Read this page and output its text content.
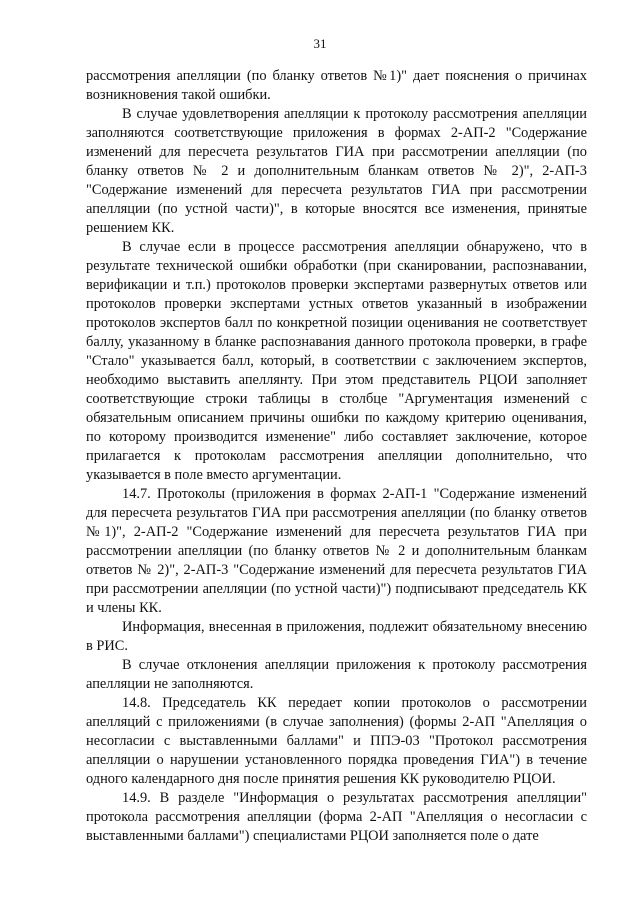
31

рассмотрения апелляции (по бланку ответов №1)" дает пояснения о причинах возникновения такой ошибки.

В случае удовлетворения апелляции к протоколу рассмотрения апелляции заполняются соответствующие приложения в формах 2-АП-2 "Содержание изменений для пересчета результатов ГИА при рассмотрении апелляции (по бланку ответов № 2 и дополнительным бланкам ответов № 2)", 2-АП-3 "Содержание изменений для пересчета результатов ГИА при рассмотрении апелляции (по устной части)", в которые вносятся все изменения, принятые решением КК.

В случае если в процессе рассмотрения апелляции обнаружено, что в результате технической ошибки обработки (при сканировании, распознавании, верификации и т.п.) протоколов проверки экспертами развернутых ответов или протоколов проверки экспертами устных ответов указанный в изображении протоколов экспертов балл по конкретной позиции оценивания не соответствует баллу, указанному в бланке распознавания данного протокола проверки, в графе "Стало" указывается балл, который, в соответствии с заключением экспертов, необходимо выставить апеллянту. При этом представитель РЦОИ заполняет соответствующие строки таблицы в столбце "Аргументация изменений с обязательным описанием причины ошибки по каждому критерию оценивания, по которому производится изменение" либо составляет заключение, которое прилагается к протоколам рассмотрения апелляции дополнительно, что указывается в поле вместо аргументации.

14.7. Протоколы (приложения в формах 2-АП-1 "Содержание изменений для пересчета результатов ГИА при рассмотрения апелляции (по бланку ответов №1)", 2-АП-2 "Содержание изменений для пересчета результатов ГИА при рассмотрении апелляции (по бланку ответов № 2 и дополнительным бланкам ответов № 2)", 2-АП-3 "Содержание изменений для пересчета результатов ГИА при рассмотрении апелляции (по устной части)") подписывают председатель КК и члены КК.

Информация, внесенная в приложения, подлежит обязательному внесению в РИС.

В случае отклонения апелляции приложения к протоколу рассмотрения апелляции не заполняются.

14.8. Председатель КК передает копии протоколов о рассмотрении апелляций с приложениями (в случае заполнения) (формы 2-АП "Апелляция о несогласии с выставленными баллами" и ППЭ-03 "Протокол рассмотрения апелляции о нарушении установленного порядка проведения ГИА") в течение одного календарного дня после принятия решения КК руководителю РЦОИ.

14.9. В разделе "Информация о результатах рассмотрения апелляции" протокола рассмотрения апелляции (форма 2-АП "Апелляция о несогласии с выставленными баллами") специалистами РЦОИ заполняется поле о дате
